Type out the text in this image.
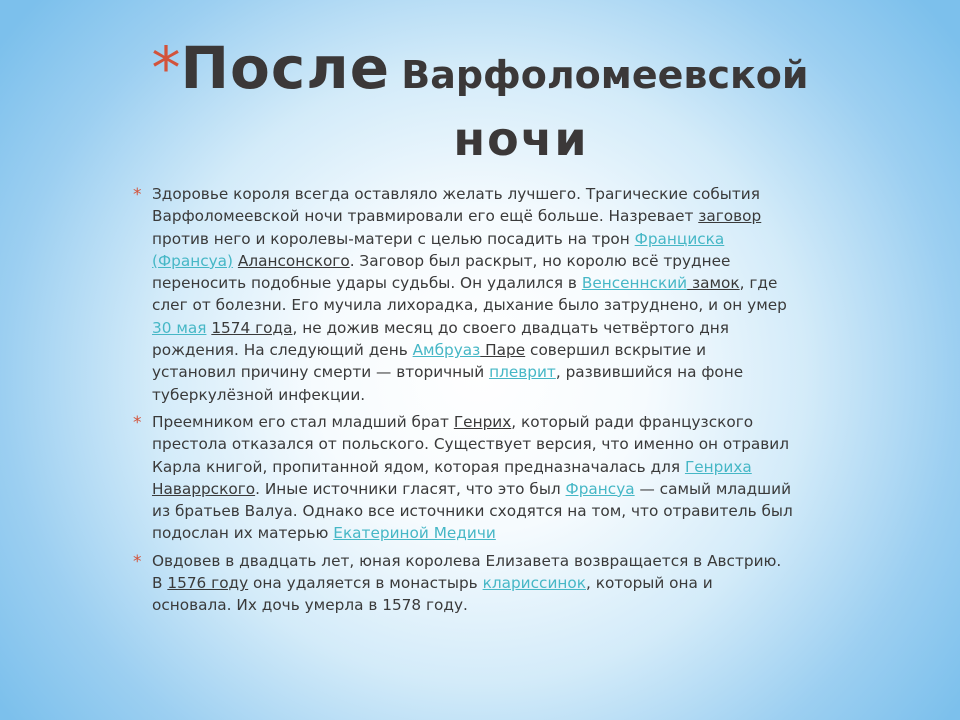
*После Варфоломеевской
ночи

* Здоровье короля всегда оставляло желать лучшего. Трагические события Варфоломеевской ночи травмировали его ещё больше. Назревает заговор против него и королевы-матери с целью посадить на трон Франциска (Франсуа) Алансонского. Заговор был раскрыт, но королю всё труднее переносить подобные удары судьбы. Он удалился в Венсеннский замок, где слег от болезни. Его мучила лихорадка, дыхание было затруднено, и он умер 30 мая 1574 года, не дожив месяц до своего двадцать четвёртого дня рождения. На следующий день Амбруаз Паре совершил вскрытие и установил причину смерти — вторичный плеврит, развившийся на фоне туберкулёзной инфекции.

* Преемником его стал младший брат Генрих, который ради французского престола отказался от польского. Существует версия, что именно он отравил Карла книгой, пропитанной ядом, которая предназначалась для Генриха Наваррского. Иные источники гласят, что это был Франсуа — самый младший из братьев Валуа. Однако все источники сходятся на том, что отравитель был подослан их матерью Екатериной Медичи

* Овдовев в двадцать лет, юная королева Елизавета возвращается в Австрию. В 1576 году она удаляется в монастырь клариссинок, который она и основала. Их дочь умерла в 1578 году.
